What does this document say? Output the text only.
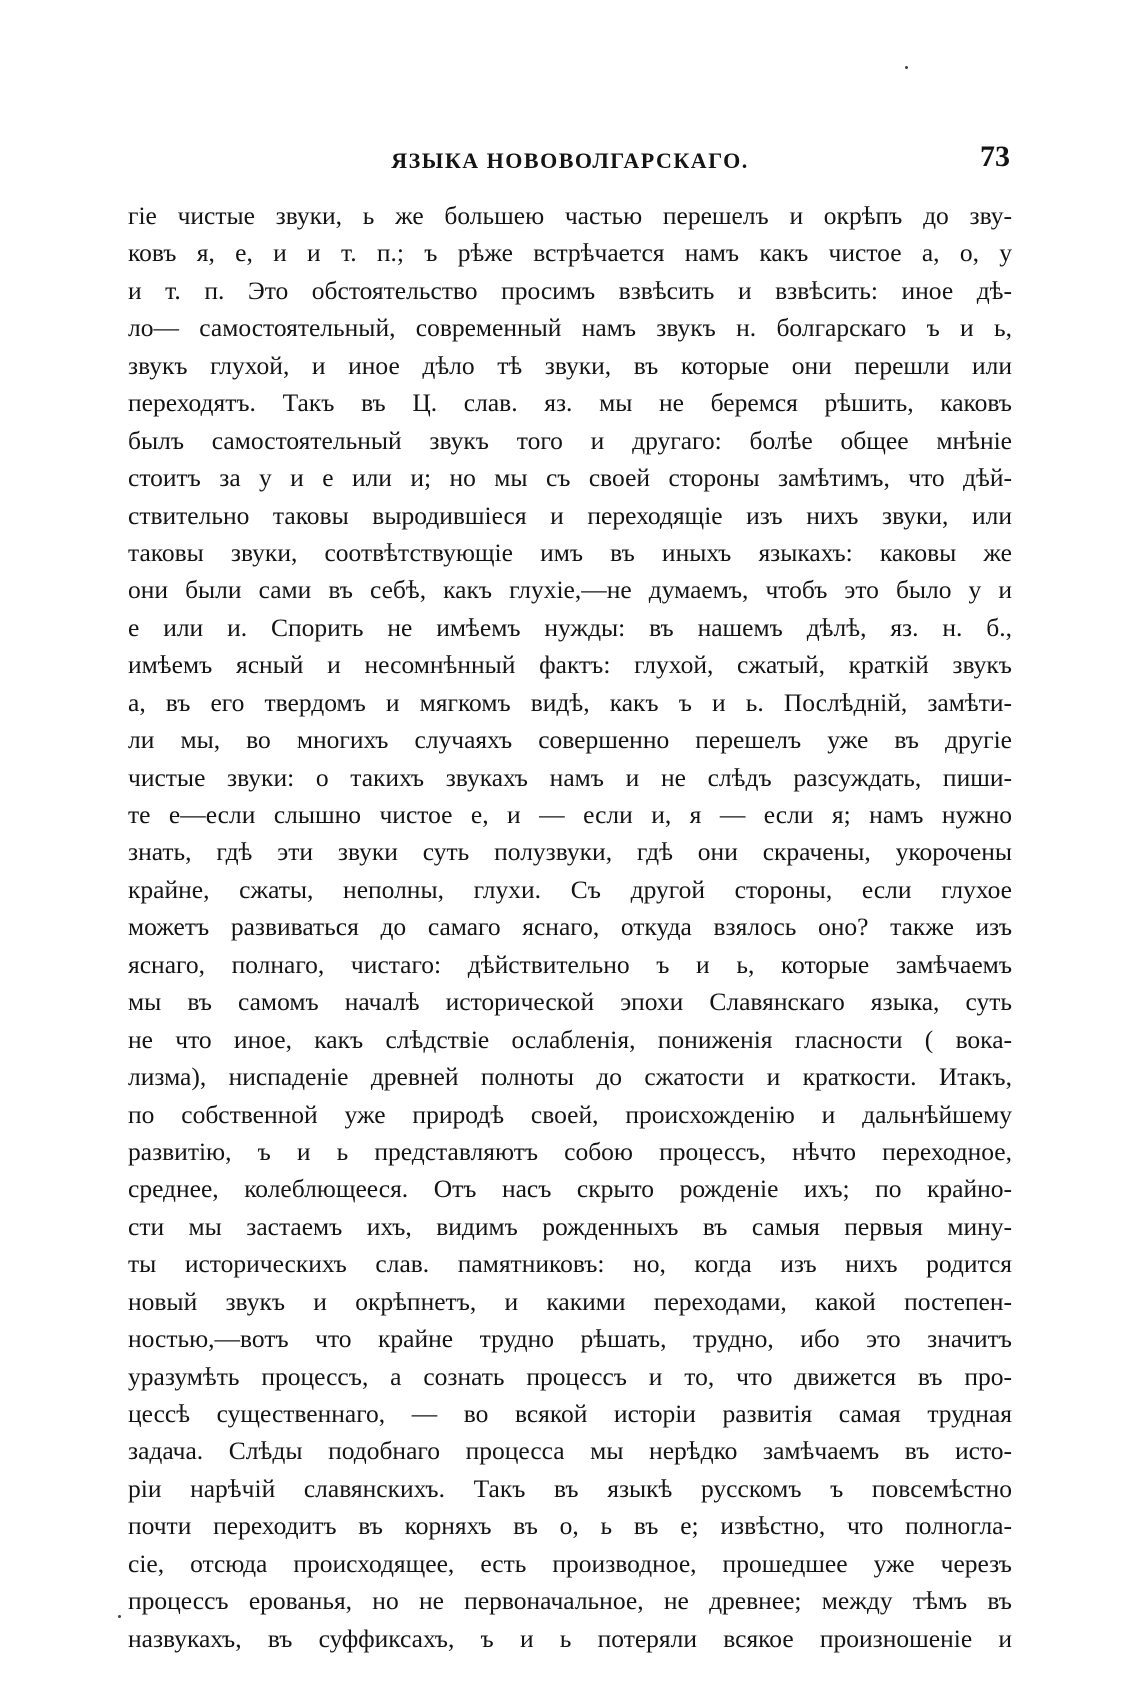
ЯЗЫКА НОВОВОЛГАРСКАГО.	73
гіе чистые звуки, ь же большею частью перешелъ и окрѣпъ до зву-
ковъ я, е, и и т. п.; ъ рѣже встрѣчается намъ какъ чистое а, о, у
и т. п. Это обстоятельство просимъ взвѣсить и взвѣсить: иное дѣ-
ло— самостоятельный, современный намъ звукъ н. болгарскаго ъ и ь,
звукъ глухой, и иное дѣло тѣ звуки, въ которые они перешли или
переходятъ. Такъ въ Ц. слав. яз. мы не беремся рѣшить, каковъ
былъ самостоятельный звукъ того и другаго: болѣе общее мнѣніе
стоитъ за у и е или и; но мы съ своей стороны замѣтимъ, что дѣй-
ствительно таковы выродившіеся и переходящіе изъ нихъ звуки, или
таковы звуки, соотвѣтствующіе имъ въ иныхъ языкахъ: каковы же
они были сами въ себѣ, какъ глухіе,—не думаемъ, чтобъ это было у и
е или и. Спорить не имѣемъ нужды: въ нашемъ дѣлѣ, яз. н. б.,
имѣемъ ясный и несомнѣнный фактъ: глухой, сжатый, краткій звукъ
а, въ его твердомъ и мягкомъ видѣ, какъ ъ и ь. Послѣдній, замѣти-
ли мы, во многихъ случаяхъ совершенно перешелъ уже въ другіе
чистые звуки: о такихъ звукахъ намъ и не слѣдъ разсуждать, пиши-
те е—если слышно чистое е, и — если и, я — если я; намъ нужно
знать, гдѣ эти звуки суть полузвуки, гдѣ они скрачены, укорочены
крайне, сжаты, неполны, глухи. Съ другой стороны, если глухое
можетъ развиваться до самаго яснаго, откуда взялось оно? также изъ
яснаго, полнаго, чистаго: дѣйствительно ъ и ь, которые замѣчаемъ
мы въ самомъ началѣ исторической эпохи Славянскаго языка, суть
не что иное, какъ слѣдствіе ослабленія, пониженія гласности ( вока-
лизма), ниспаденіе древней полноты до сжатости и краткости. Итакъ,
по собственной уже природѣ своей, происхожденію и дальнѣйшему
развитію, ъ и ь представляютъ собою процессъ, нѣчто переходное,
среднее, колеблющееся. Отъ насъ скрыто рожденіе ихъ; по крайно-
сти мы застаемъ ихъ, видимъ рожденныхъ въ самыя первыя мину-
ты историческихъ слав. памятниковъ: но, когда изъ нихъ родится
новый звукъ и окрѣпнетъ, и какими переходами, какой постепен-
ностью,—вотъ что крайне трудно рѣшать, трудно, ибо это значитъ
уразумѣть процессъ, а сознать процессъ и то, что движется въ про-
цессѣ существеннаго, — во всякой исторіи развитія самая трудная
задача. Слѣды подобнаго процесса мы нерѣдко замѣчаемъ въ исто-
ріи нарѣчій славянскихъ. Такъ въ языкѣ русскомъ ъ повсемѣстно
почти переходитъ въ корняхъ въ о, ь въ е; извѣстно, что полногла-
сіе, отсюда происходящее, есть производное, прошедшее уже черезъ
процессъ ерованья, но не первоначальное, не древнее; между тѣмъ въ
назвукахъ, въ суффиксахъ, ъ и ь потеряли всякое произношеніе и
